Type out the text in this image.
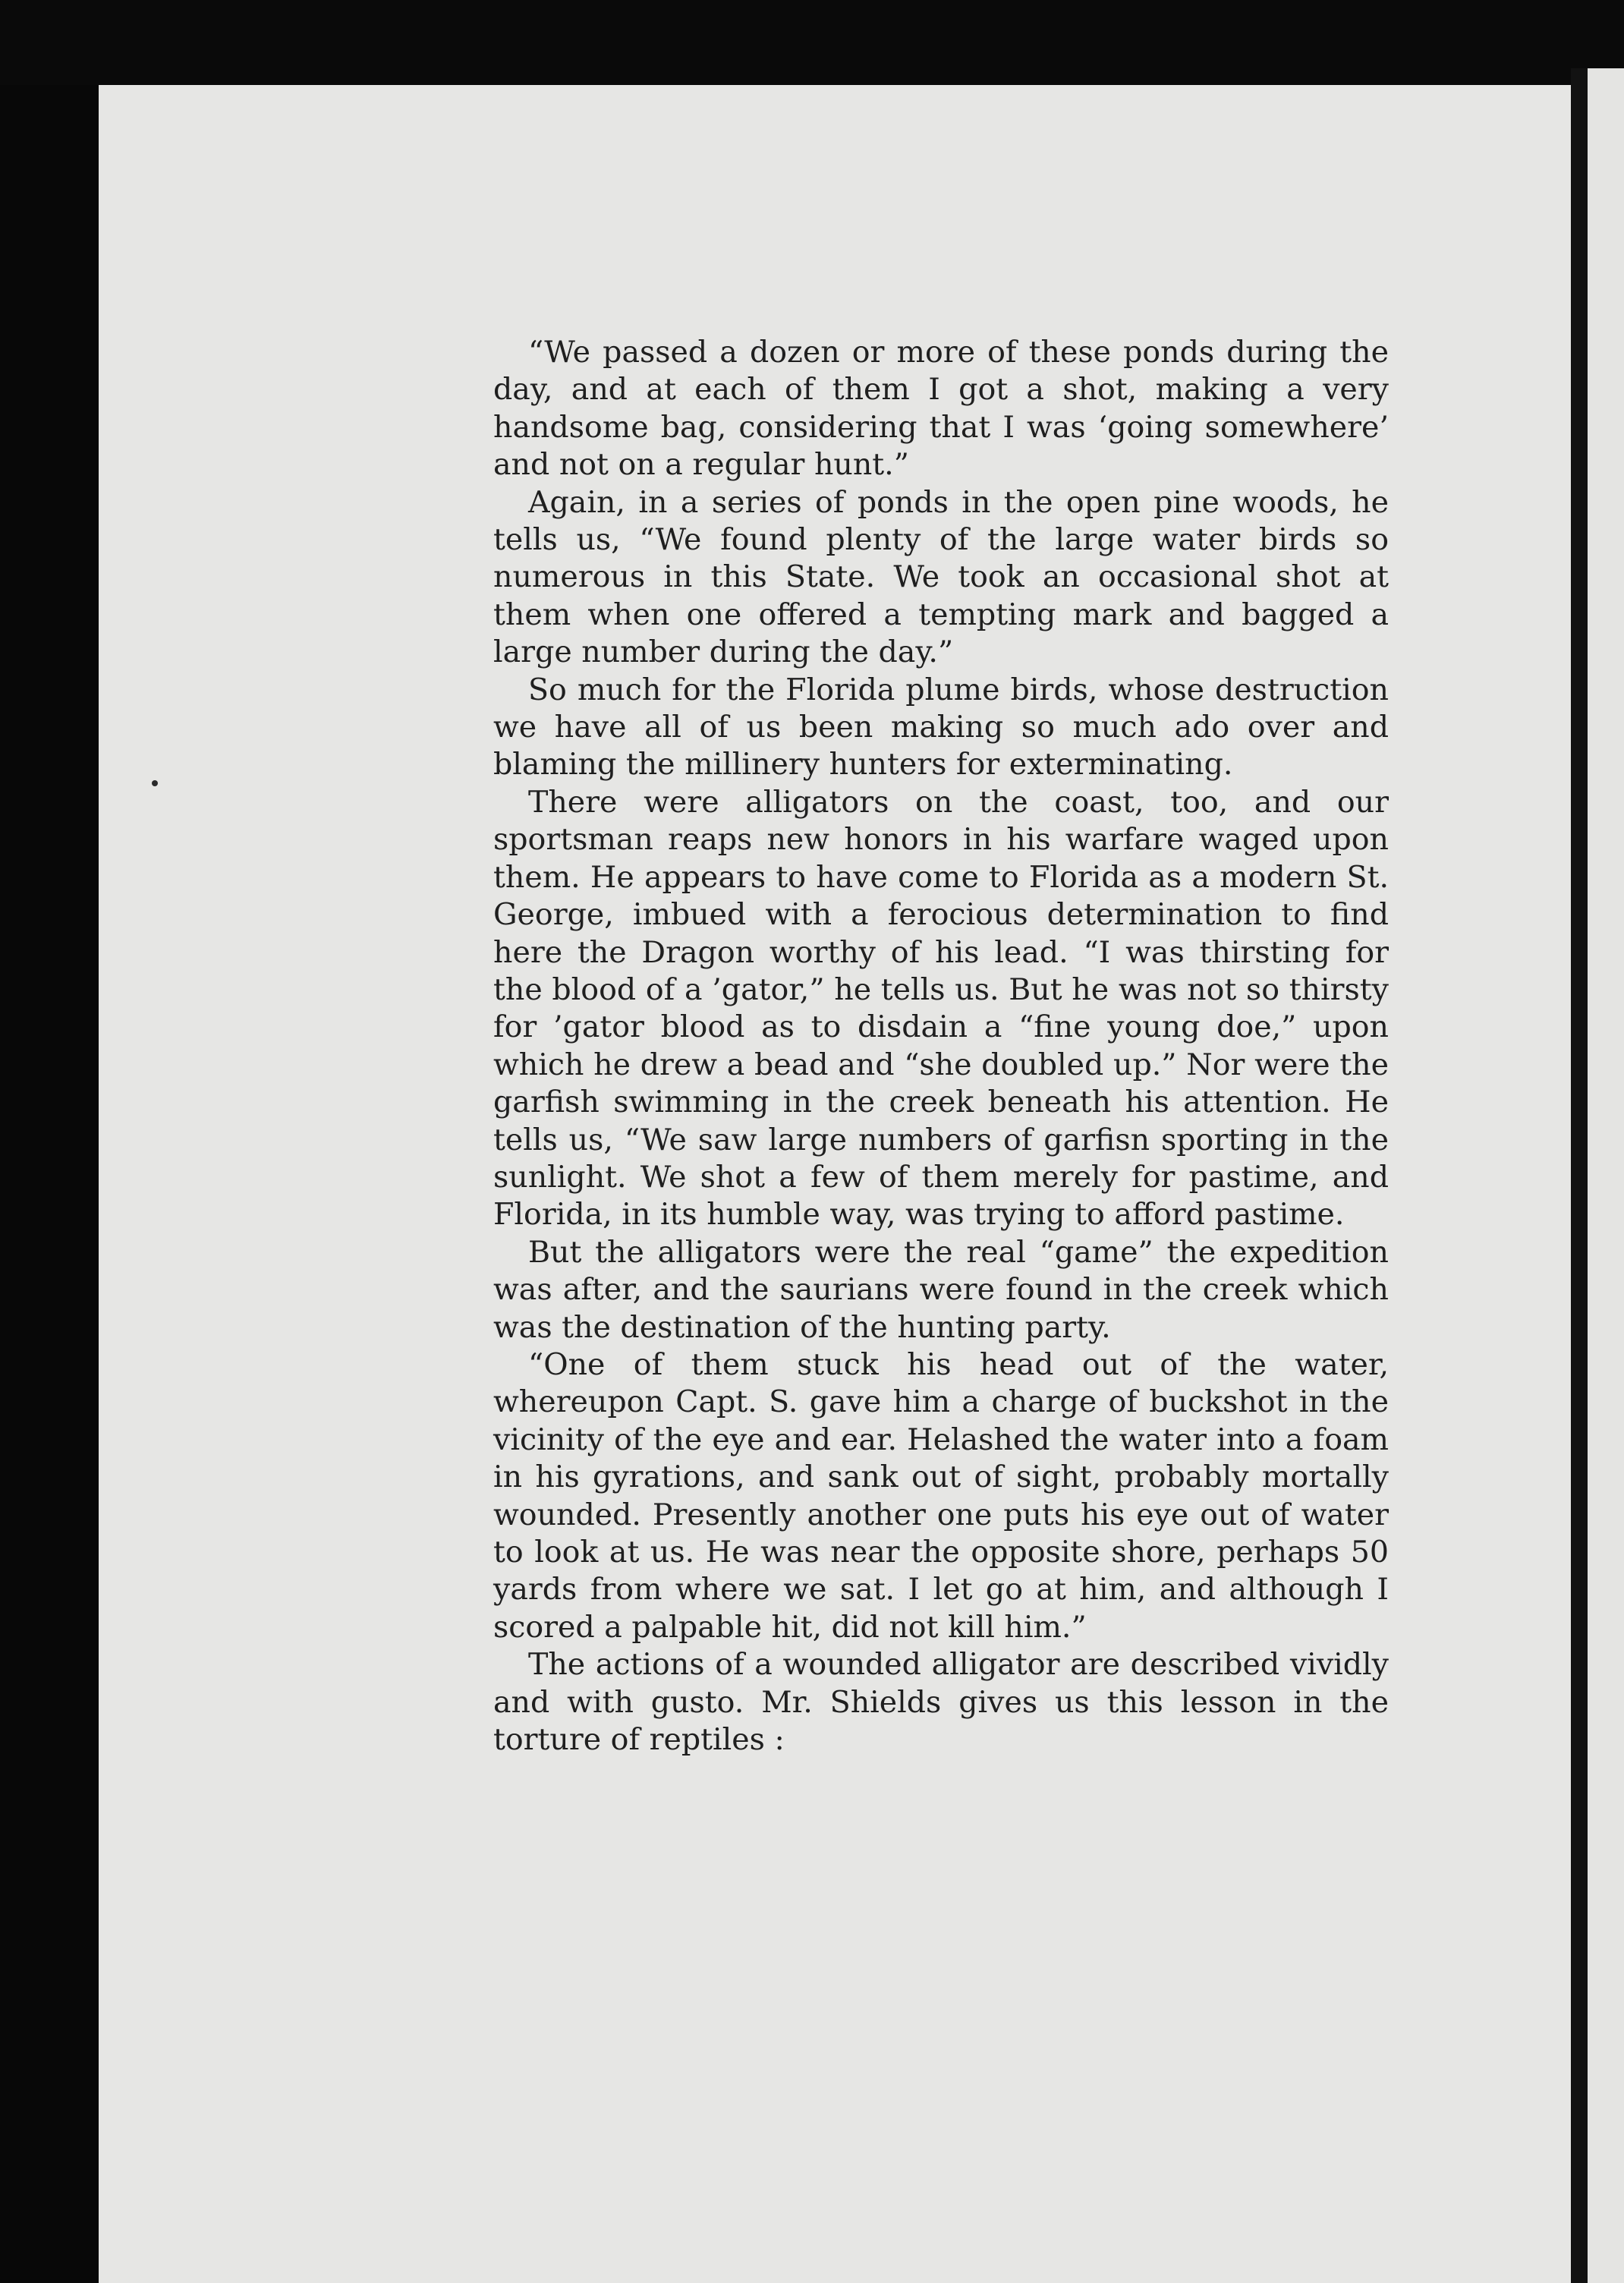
“We passed a dozen or more of these ponds during the day, and at each of them I got a shot, making a very handsome bag, considering that I was ‘going somewhere’ and not on a regular hunt.”

Again, in a series of ponds in the open pine woods, he tells us, “We found plenty of the large water birds so numerous in this State. We took an occasional shot at them when one offered a tempting mark and bagged a large number during the day.”

So much for the Florida plume birds, whose destruction we have all of us been making so much ado over and blaming the millinery hunters for exterminating.

There were alligators on the coast, too, and our sportsman reaps new honors in his warfare waged upon them. He appears to have come to Florida as a modern St. George, imbued with a ferocious determination to find here the Dragon worthy of his lead. “I was thirsting for the blood of a ’gator,” he tells us. But he was not so thirsty for ’gator blood as to disdain a “fine young doe,” upon which he drew a bead and “she doubled up.” Nor were the garfish swimming in the creek beneath his attention. He tells us, “We saw large numbers of garfisn sporting in the sunlight. We shot a few of them merely for pastime, and Florida, in its humble way, was trying to afford pastime.

But the alligators were the real “game” the expedition was after, and the saurians were found in the creek which was the destination of the hunting party.

“One of them stuck his head out of the water, whereupon Capt. S. gave him a charge of buckshot in the vicinity of the eye and ear. Helashed the water into a foam in his gyrations, and sank out of sight, probably mortally wounded. Presently another one puts his eye out of water to look at us. He was near the opposite shore, perhaps 50 yards from where we sat. I let go at him, and although I scored a palpable hit, did not kill him.”

The actions of a wounded alligator are described vividly and with gusto. Mr. Shields gives us this lesson in the torture of reptiles :
